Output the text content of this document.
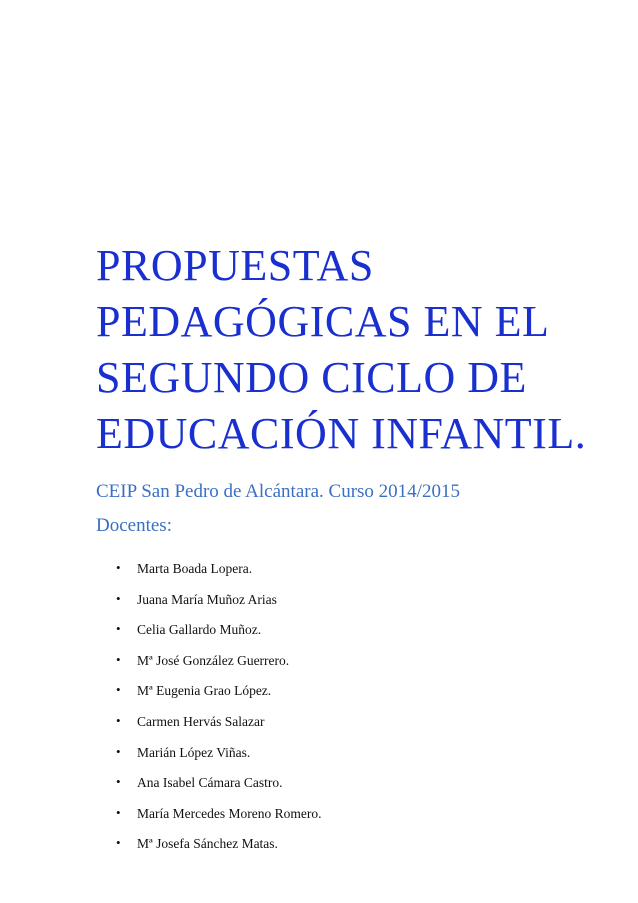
PROPUESTAS
PEDAGÓGICAS EN EL
SEGUNDO CICLO DE
EDUCACIÓN INFANTIL.

CEIP San Pedro de Alcántara. Curso 2014/2015

Docentes:

• Marta Boada Lopera.
• Juana María Muñoz Arias
• Celia Gallardo Muñoz.
• Mª José González Guerrero.
• Mª Eugenia Grao López.
• Carmen Hervás Salazar
• Marián López Viñas.
• Ana Isabel Cámara Castro.
• María Mercedes Moreno Romero.
• Mª Josefa Sánchez Matas.
